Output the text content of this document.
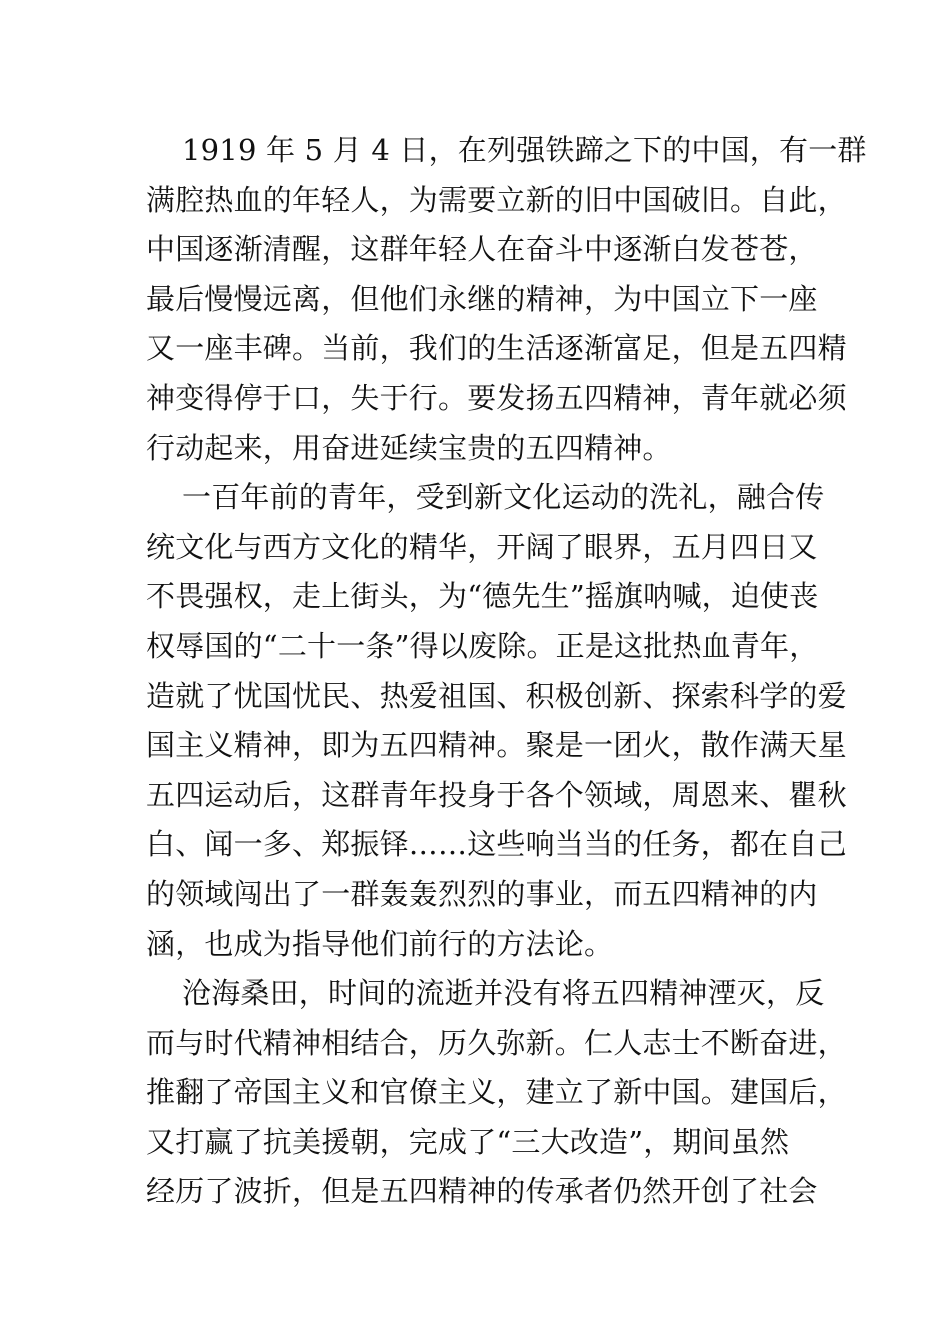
1919 年 5 月 4 日，在列强铁蹄之下的中国，有一群
满腔热血的年轻人，为需要立新的旧中国破旧。自此，
中国逐渐清醒，这群年轻人在奋斗中逐渐白发苍苍，
最后慢慢远离，但他们永继的精神，为中国立下一座
又一座丰碑。当前，我们的生活逐渐富足，但是五四精
神变得停于口，失于行。要发扬五四精神，青年就必须
行动起来，用奋进延续宝贵的五四精神。
一百年前的青年，受到新文化运动的洗礼，融合传
统文化与西方文化的精华，开阔了眼界，五月四日又
不畏强权，走上街头，为“德先生”摇旗呐喊，迫使丧
权辱国的“二十一条”得以废除。正是这批热血青年，
造就了忧国忧民、热爱祖国、积极创新、探索科学的爱
国主义精神，即为五四精神。聚是一团火，散作满天星
五四运动后，这群青年投身于各个领域，周恩来、瞿秋
白、闻一多、郑振铎……这些响当当的任务，都在自己
的领域闯出了一群轰轰烈烈的事业，而五四精神的内
涵，也成为指导他们前行的方法论。
沧海桑田，时间的流逝并没有将五四精神湮灭，反
而与时代精神相结合，历久弥新。仁人志士不断奋进，
推翻了帝国主义和官僚主义，建立了新中国。建国后，
又打赢了抗美援朝，完成了“三大改造”，期间虽然
经历了波折，但是五四精神的传承者仍然开创了社会
